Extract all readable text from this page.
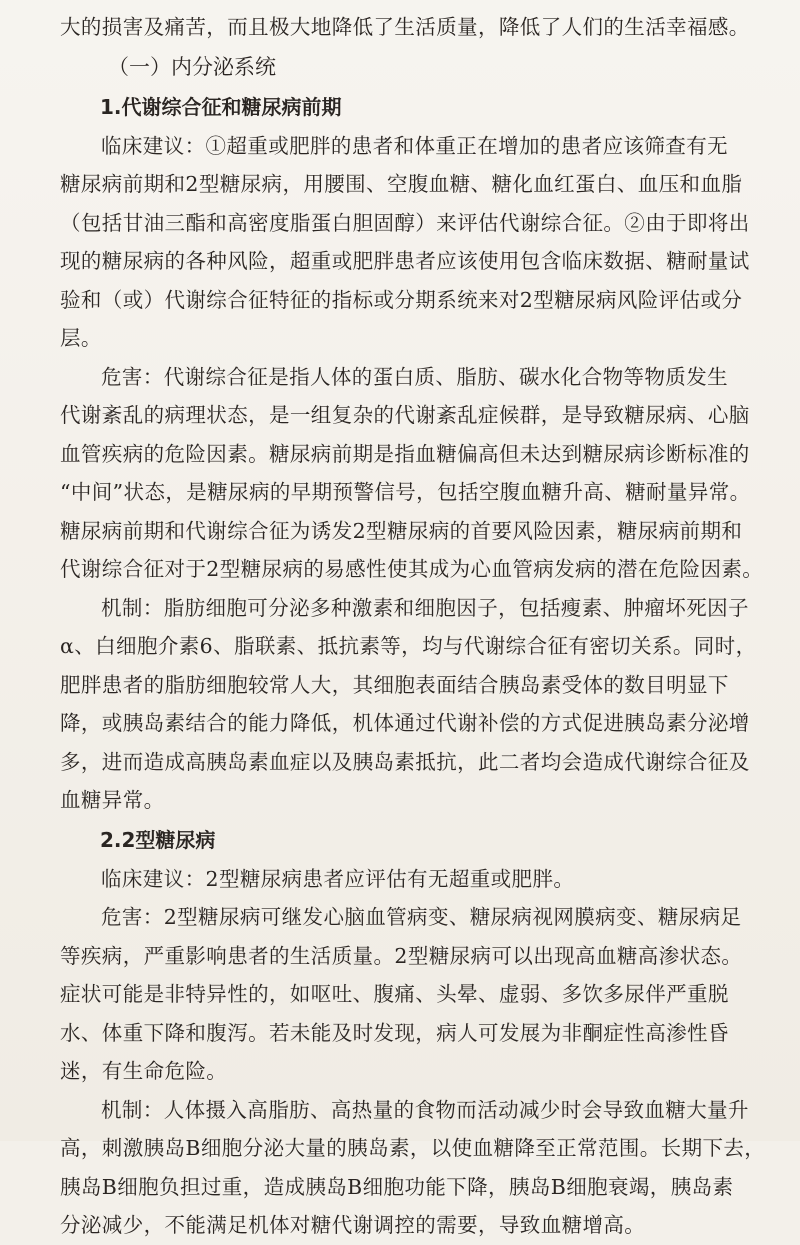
大的损害及痛苦，而且极大地降低了生活质量，降低了人们的生活幸福感。
（一）内分泌系统
1.代谢综合征和糖尿病前期
临床建议：①超重或肥胖的患者和体重正在增加的患者应该筛查有无
糖尿病前期和2型糖尿病，用腰围、空腹血糖、糖化血红蛋白、血压和血脂
（包括甘油三酯和高密度脂蛋白胆固醇）来评估代谢综合征。②由于即将出
现的糖尿病的各种风险，超重或肥胖患者应该使用包含临床数据、糖耐量试
验和（或）代谢综合征特征的指标或分期系统来对2型糖尿病风险评估或分
层。
危害：代谢综合征是指人体的蛋白质、脂肪、碳水化合物等物质发生
代谢紊乱的病理状态，是一组复杂的代谢紊乱症候群，是导致糖尿病、心脑
血管疾病的危险因素。糖尿病前期是指血糖偏高但未达到糖尿病诊断标准的
“中间”状态，是糖尿病的早期预警信号，包括空腹血糖升高、糖耐量异常。
糖尿病前期和代谢综合征为诱发2型糖尿病的首要风险因素，糖尿病前期和
代谢综合征对于2型糖尿病的易感性使其成为心血管病发病的潜在危险因素。
机制：脂肪细胞可分泌多种激素和细胞因子，包括瘦素、肿瘤坏死因子
α、白细胞介素6、脂联素、抵抗素等，均与代谢综合征有密切关系。同时，
肥胖患者的脂肪细胞较常人大，其细胞表面结合胰岛素受体的数目明显下
降，或胰岛素结合的能力降低，机体通过代谢补偿的方式促进胰岛素分泌增
多，进而造成高胰岛素血症以及胰岛素抵抗，此二者均会造成代谢综合征及
血糖异常。
2.2型糖尿病
临床建议：2型糖尿病患者应评估有无超重或肥胖。
危害：2型糖尿病可继发心脑血管病变、糖尿病视网膜病变、糖尿病足
等疾病，严重影响患者的生活质量。2型糖尿病可以出现高血糖高渗状态。
症状可能是非特异性的，如呕吐、腹痛、头晕、虚弱、多饮多尿伴严重脱
水、体重下降和腹泻。若未能及时发现，病人可发展为非酮症性高渗性昏
迷，有生命危险。
机制：人体摄入高脂肪、高热量的食物而活动减少时会导致血糖大量升
高，刺激胰岛B细胞分泌大量的胰岛素，以使血糖降至正常范围。长期下去，
胰岛B细胞负担过重，造成胰岛B细胞功能下降，胰岛B细胞衰竭，胰岛素
分泌减少，不能满足机体对糖代谢调控的需要，导致血糖增高。
